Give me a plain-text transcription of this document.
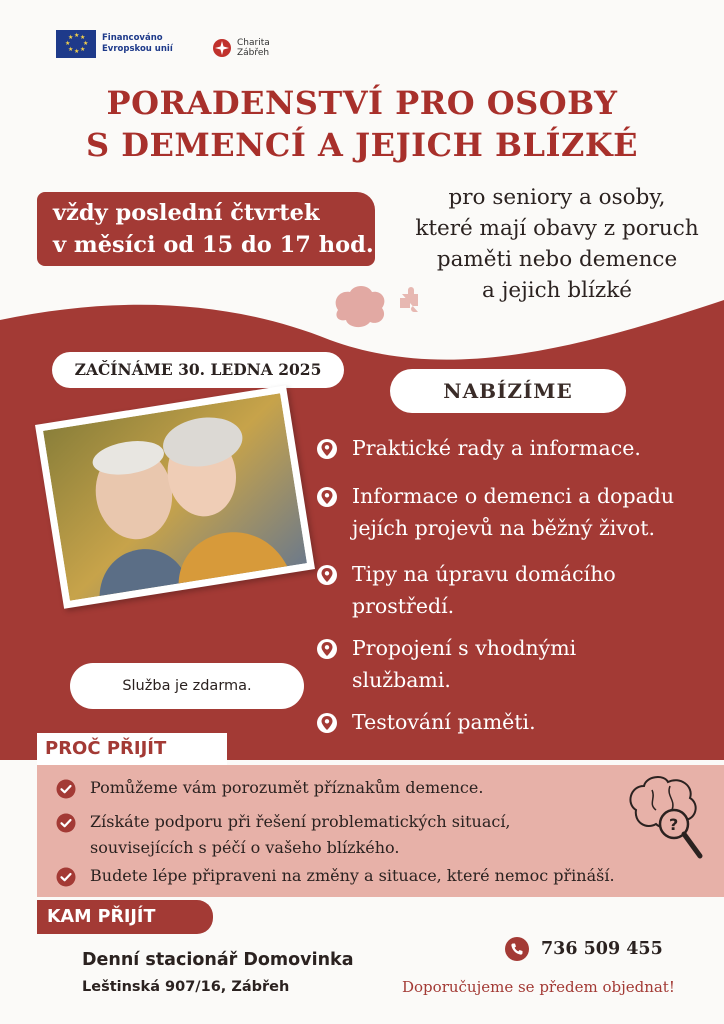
★ ★
★
★
★
★
★
★	Financováno
Evropskou unií
Charita
Zábřeh
PORADENSTVÍ PRO OSOBY
S DEMENCÍ A JEJICH BLÍZKÉ
vždy poslední čtvrtek
v měsíci od 15 do 17 hod.
pro seniory a osoby,
které mají obavy z poruch
paměti nebo demence
a jejich blízké
ZAČÍNÁME 30. LEDNA 2025
NABÍZÍME
Praktické rady a informace.
Informace o demenci a dopadu
jejích projevů na běžný život.
Tipy na úpravu domácího
prostředí.
Propojení s vhodnými
službami.
Testování paměti.
Služba je zdarma.
PROČ PŘIJÍT
Pomůžeme vám porozumět příznakům demence.
Získáte podporu při řešení problematických situací,
souvisejících s péčí o vašeho blízkého.
Budete lépe připraveni na změny a situace, které nemoc přináší.
?
KAM PŘIJÍT
Denní stacionář Domovinka
Leštinská 907/16, Zábřeh
736 509 455
Doporučujeme se předem objednat!
